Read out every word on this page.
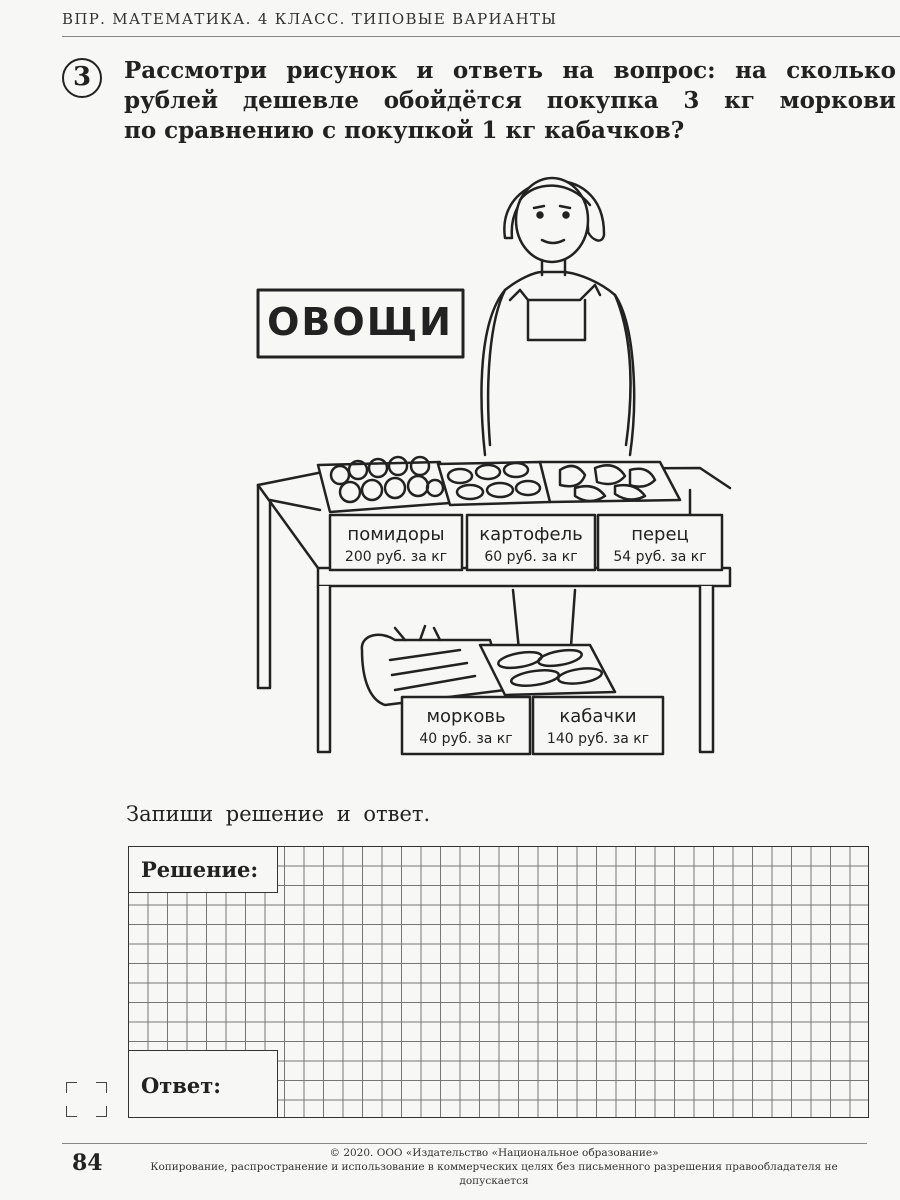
ВПР. МАТЕМАТИКА. 4 КЛАСС. ТИПОВЫЕ ВАРИАНТЫ
3	Рассмотри рисунок и ответь на вопрос: на сколько рублей дешевле обойдётся покупка 3 кг моркови
по сравнению с покупкой 1 кг кабачков?
ОВОЩИ
помидоры
200 руб. за кг
картофель
60 руб. за кг
перец
54 руб. за кг
морковь
40 руб. за кг
кабачки
140 руб. за кг
Запиши решение и ответ.
Решение:
Ответ:
84	© 2020. ООО «Издательство «Национальное образование»
Копирование, распространение и использование в коммерческих целях без письменного разрешения правообладателя не допускается
